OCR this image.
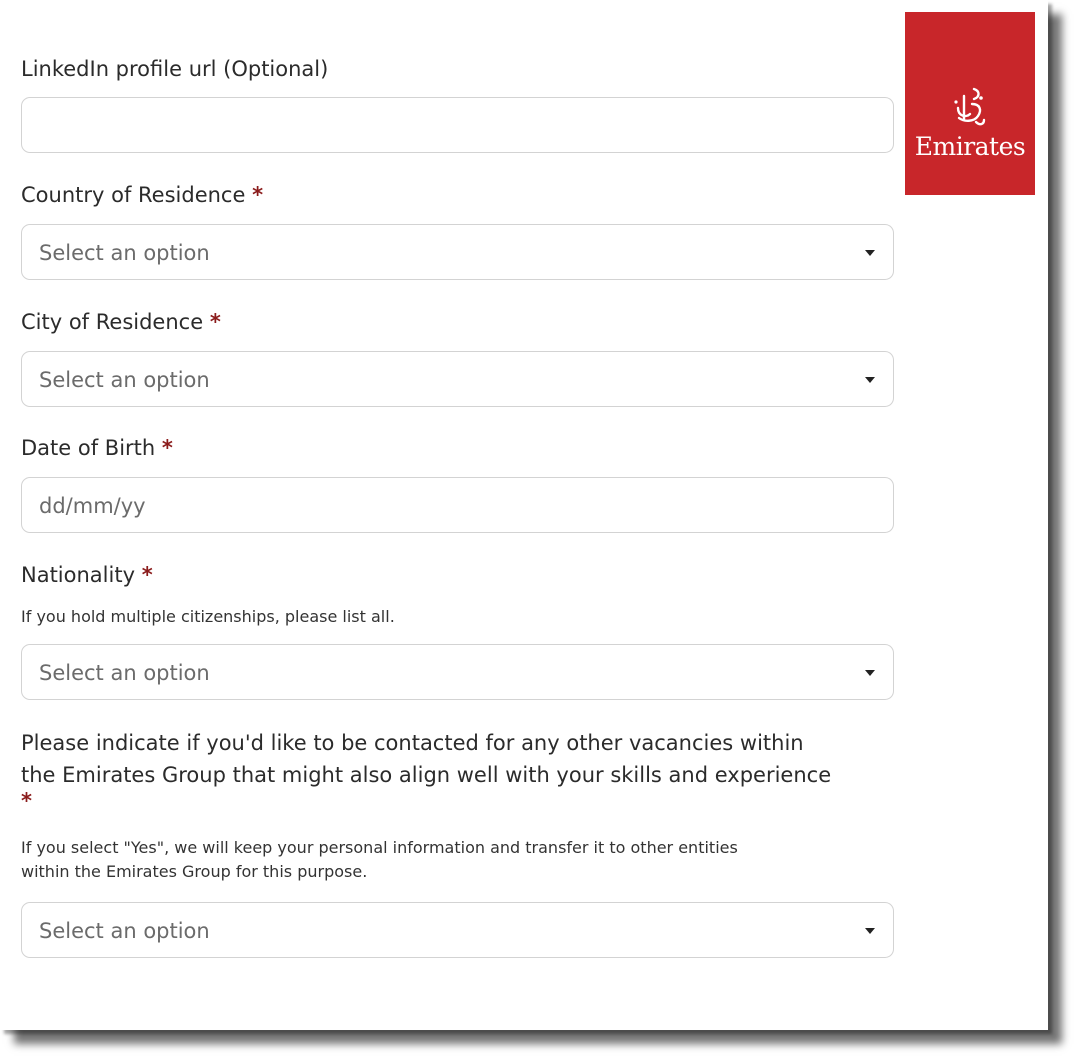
Emirates
LinkedIn profile url (Optional)
Country of Residence *
Select an option
City of Residence *
Select an option
Date of Birth *
dd/mm/yy
Nationality *
If you hold multiple citizenships, please list all.
Select an option
Please indicate if you'd like to be contacted for any other vacancies within
the Emirates Group that might also align well with your skills and experience
*
If you select "Yes", we will keep your personal information and transfer it to other entities
within the Emirates Group for this purpose.
Select an option
